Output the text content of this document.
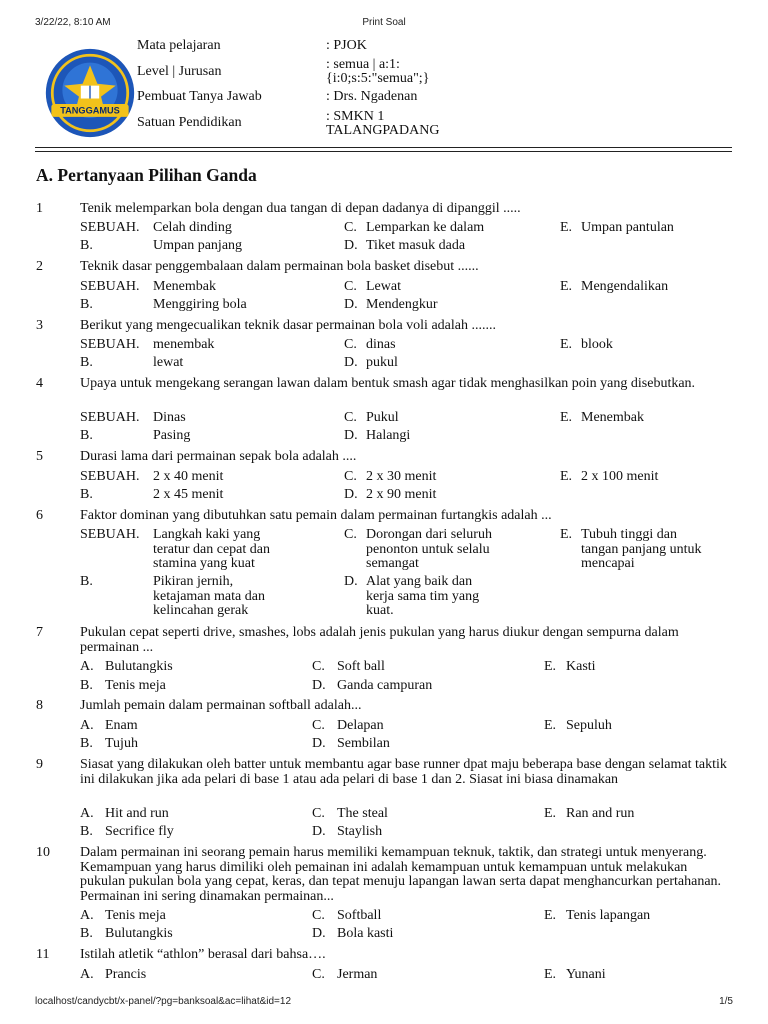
3/22/22, 8:10 AM	Print Soal
TANGGAMUS
Mata pelajaran	: PJOK
Level | Jurusan	: semua | a:1:
{i:0;s:5:"semua";}
Pembuat Tanya Jawab	: Drs. Ngadenan
Satuan Pendidikan	: SMKN 1
TALANGPADANG
A. Pertanyaan Pilihan Ganda
1	Tenik melemparkan bola dengan dua tangan di depan dadanya di dipanggil .....
SEBUAH. Celah dinding	C. Lemparkan ke dalam	E. Umpan pantulan
B.	Umpan panjang	D. Tiket masuk dada
2	Teknik dasar penggembalaan dalam permainan bola basket disebut ......
SEBUAH. Menembak	C. Lewat	E. Mengendalikan
B.	Menggiring bola	D. Mendengkur
3	Berikut yang mengecualikan teknik dasar permainan bola voli adalah .......
SEBUAH. menembak	C. dinas	E. blook
B.	lewat	D. pukul
4	Upaya untuk mengekang serangan lawan dalam bentuk smash agar tidak menghasilkan poin yang disebutkan.
SEBUAH. Dinas	C. Pukul	E. Menembak
B.	Pasing	D. Halangi
5	Durasi lama dari permainan sepak bola adalah ....
SEBUAH. 2 x 40 menit	C. 2 x 30 menit	E. 2 x 100 menit
B.	2 x 45 menit	D. 2 x 90 menit
6	Faktor dominan yang dibutuhkan satu pemain dalam permainan furtangkis adalah ...
SEBUAH. Langkah kaki yang
teratur dan cepat dan
stamina yang kuat
C. Dorongan dari seluruh
penonton untuk selalu
semangat
E. Tubuh tinggi dan
tangan panjang untuk
mencapai
B.	Pikiran jernih,
ketajaman mata dan
kelincahan gerak
D. Alat yang baik dan
kerja sama tim yang
kuat.
7	Pukulan cepat seperti drive, smashes, lobs adalah jenis pukulan yang harus diukur dengan sempurna dalam permainan ...
A. Bulutangkis	C. Soft ball	E. Kasti
B. Tenis meja	D. Ganda campuran
8	Jumlah pemain dalam permainan softball adalah...
A. Enam	C. Delapan	E. Sepuluh
B. Tujuh	D. Sembilan
9	Siasat yang dilakukan oleh batter untuk membantu agar base runner dpat maju beberapa base dengan selamat taktik ini dilakukan jika ada pelari di base 1 atau ada pelari di base 1 dan 2. Siasat ini biasa dinamakan
A. Hit and run	C. The steal	E. Ran and run
B. Secrifice fly	D. Staylish
10 Dalam permainan ini seorang pemain harus memiliki kemampuan teknuk, taktik, dan strategi untuk menyerang. Kemampuan yang harus dimiliki oleh pemainan ini adalah kemampuan untuk kemampuan untuk melakukan pukulan pukulan bola yang cepat, keras, dan tepat menuju lapangan lawan serta dapat menghancurkan pertahanan. Permainan ini sering dinamakan permainan...
A. Tenis meja	C. Softball	E. Tenis lapangan
B. Bulutangkis	D. Bola kasti
11 Istilah atletik “athlon” berasal dari bahsa….
A. Prancis	C. Jerman	E. Yunani
localhost/candycbt/x-panel/?pg=banksoal&ac=lihat&id=12	1/5
